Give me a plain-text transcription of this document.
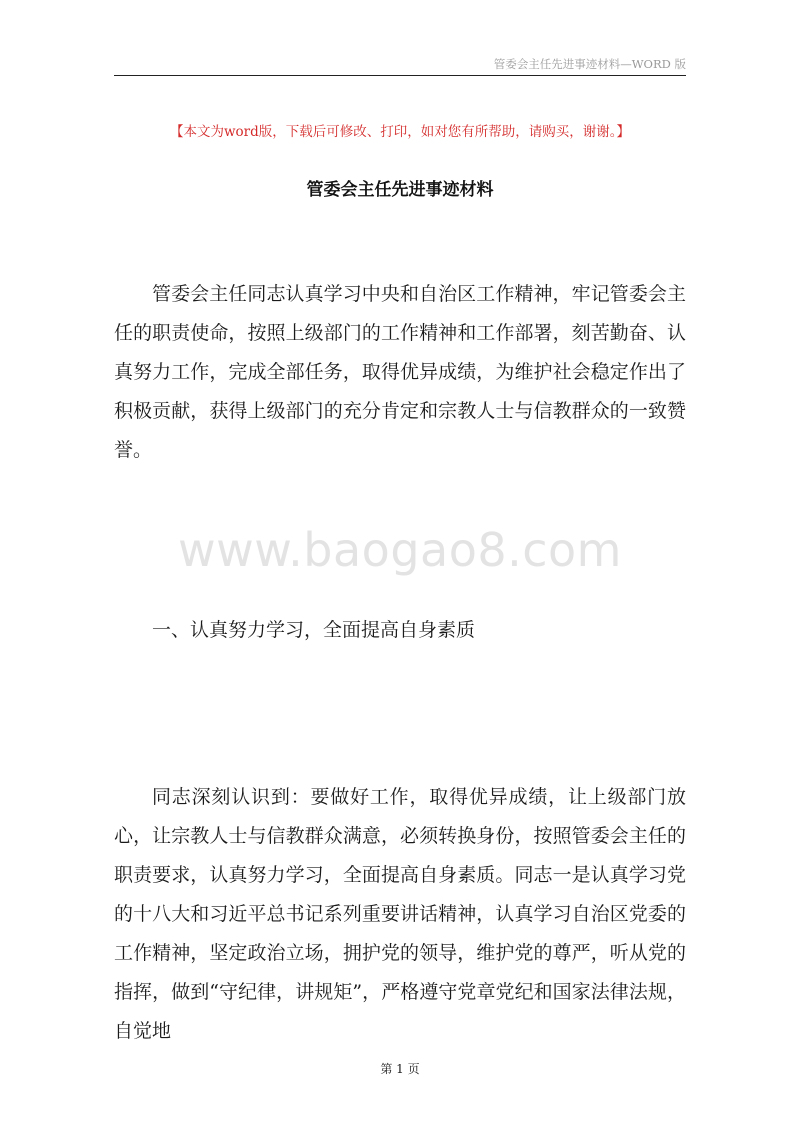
管委会主任先进事迹材料—WORD 版
【本文为word版，下载后可修改、打印，如对您有所帮助，请购买，谢谢。】
管委会主任先进事迹材料

管委会主任同志认真学习中央和自治区工作精神，牢记管委会主任的职责使命，按照上级部门的工作精神和工作部署，刻苦勤奋、认真努力工作，完成全部任务，取得优异成绩，为维护社会稳定作出了积极贡献，获得上级部门的充分肯定和宗教人士与信教群众的一致赞誉。

www.baogao8.com

一、认真努力学习，全面提高自身素质

同志深刻认识到：要做好工作，取得优异成绩，让上级部门放心，让宗教人士与信教群众满意，必须转换身份，按照管委会主任的职责要求，认真努力学习，全面提高自身素质。同志一是认真学习党的十八大和习近平总书记系列重要讲话精神，认真学习自治区党委的工作精神，坚定政治立场，拥护党的领导，维护党的尊严，听从党的指挥，做到“守纪律，讲规矩”，严格遵守党章党纪和国家法律法规，自觉地

第 1 页
